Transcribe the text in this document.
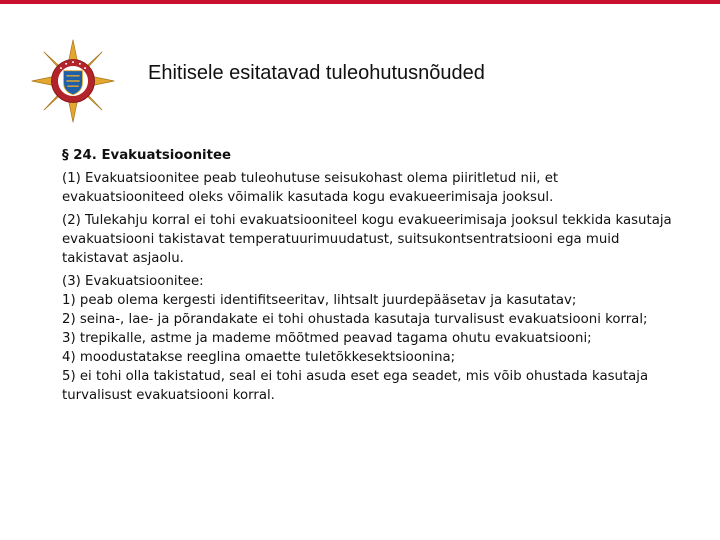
Ehitisele esitatavad tuleohutusnõuded

§ 24. Evakuatsioonitee

(1) Evakuatsioonitee peab tuleohutuse seisukohast olema piiritletud nii, et evakuatsiooniteed oleks võimalik kasutada kogu evakueerimisaja jooksul.

(2) Tulekahju korral ei tohi evakuatsiooniteel kogu evakueerimisaja jooksul tekkida kasutaja evakuatsiooni takistavat temperatuurimuudatust, suitsukontsentratsiooni ega muid takistavat asjaolu.

(3) Evakuatsioonitee:

1) peab olema kergesti identifitseeritav, lihtsalt juurdepääsetav ja kasutatav;

2) seina-, lae- ja põrandakate ei tohi ohustada kasutaja turvalisust evakuatsiooni korral;

3) trepikalle, astme ja mademe mõõtmed peavad tagama ohutu evakuatsiooni;

4) moodustatakse reeglina omaette tuletõkkesektsioonina;

5) ei tohi olla takistatud, seal ei tohi asuda eset ega seadet, mis võib ohustada kasutaja turvalisust evakuatsiooni korral.
